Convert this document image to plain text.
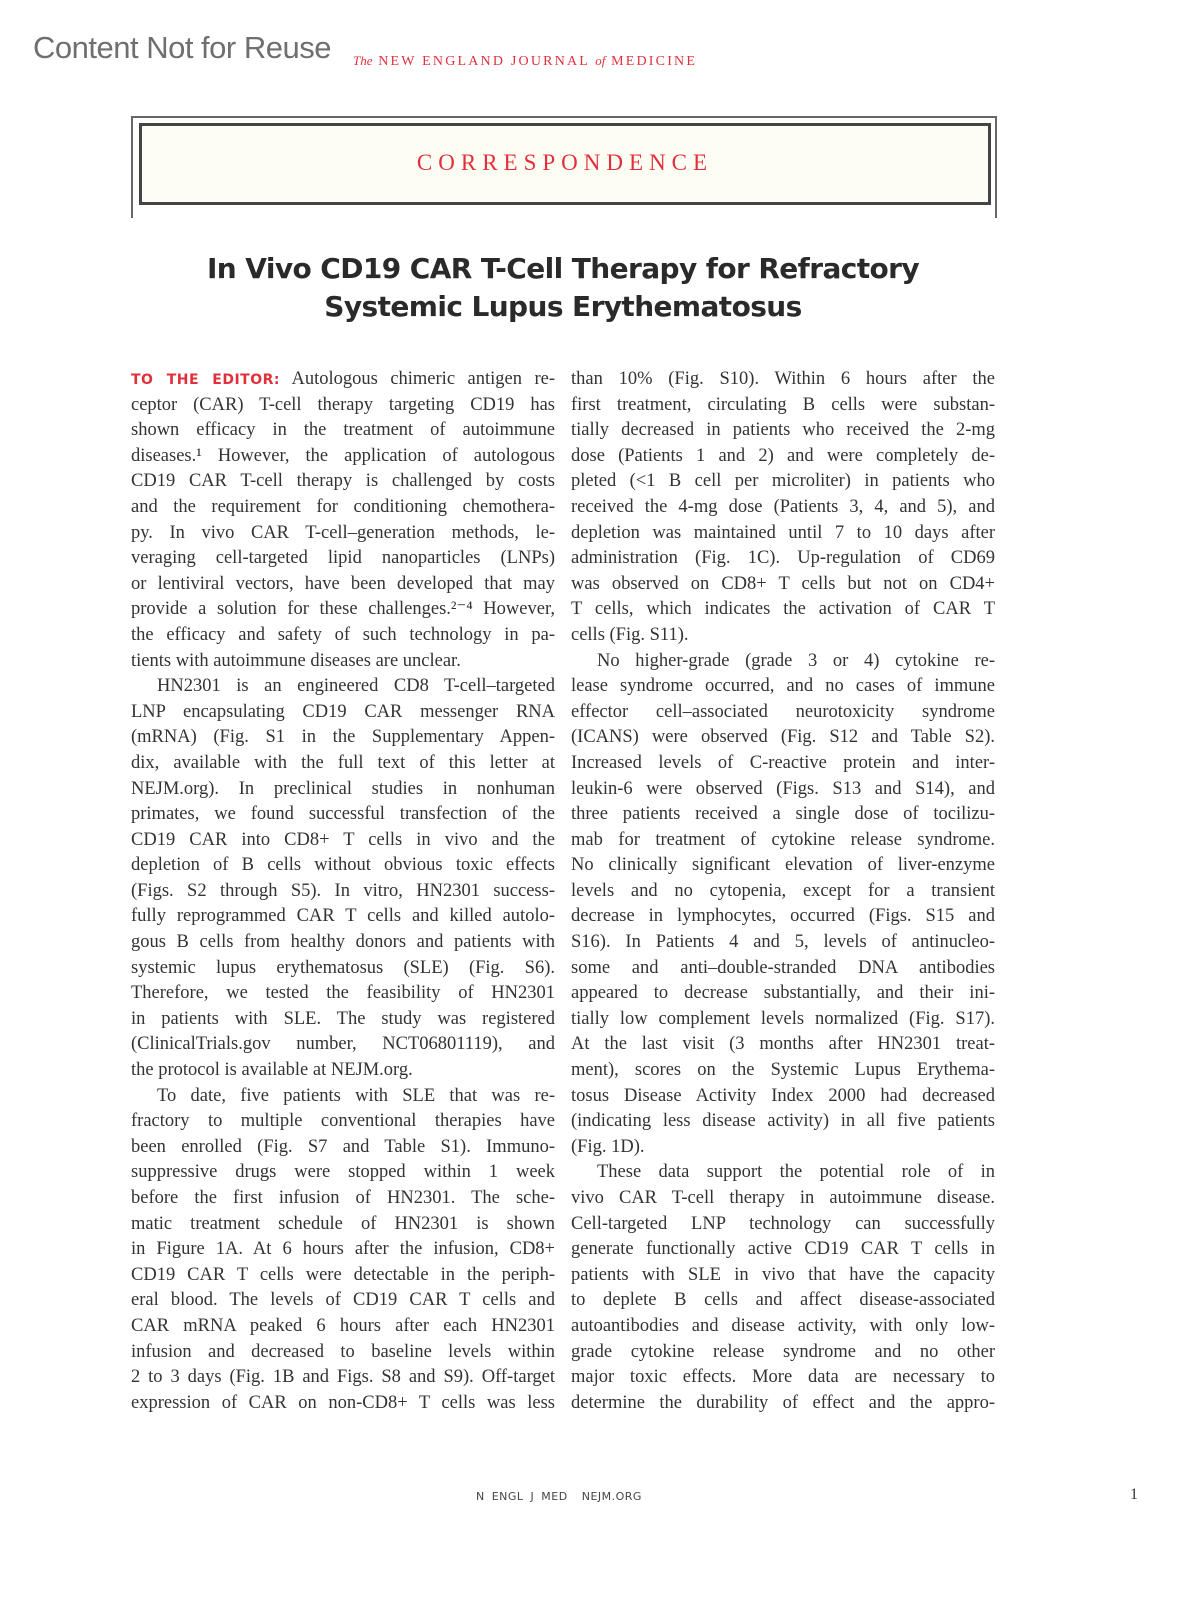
Content Not for Reuse The NEW ENGLAND JOURNAL of MEDICINE
CORRESPONDENCE
In Vivo CD19 CAR T-Cell Therapy for Refractory
Systemic Lupus Erythematosus
TO THE EDITOR: Autologous chimeric antigen re-
ceptor (CAR) T-cell therapy targeting CD19 has
shown efficacy in the treatment of autoimmune
diseases.¹ However, the application of autologous
CD19 CAR T-cell therapy is challenged by costs
and the requirement for conditioning chemothera-
py. In vivo CAR T-cell–generation methods, le-
veraging cell-targeted lipid nanoparticles (LNPs)
or lentiviral vectors, have been developed that may
provide a solution for these challenges.²⁻⁴ However,
the efficacy and safety of such technology in pa-
tients with autoimmune diseases are unclear.
HN2301 is an engineered CD8 T-cell–targeted
LNP encapsulating CD19 CAR messenger RNA
(mRNA) (Fig. S1 in the Supplementary Appen-
dix, available with the full text of this letter at
NEJM.org). In preclinical studies in nonhuman
primates, we found successful transfection of the
CD19 CAR into CD8+ T cells in vivo and the
depletion of B cells without obvious toxic effects
(Figs. S2 through S5). In vitro, HN2301 success-
fully reprogrammed CAR T cells and killed autolo-
gous B cells from healthy donors and patients with
systemic lupus erythematosus (SLE) (Fig. S6).
Therefore, we tested the feasibility of HN2301
in patients with SLE. The study was registered
(ClinicalTrials.gov number, NCT06801119), and
the protocol is available at NEJM.org.
To date, five patients with SLE that was re-
fractory to multiple conventional therapies have
been enrolled (Fig. S7 and Table S1). Immuno-
suppressive drugs were stopped within 1 week
before the first infusion of HN2301. The sche-
matic treatment schedule of HN2301 is shown
in Figure 1A. At 6 hours after the infusion, CD8+
CD19 CAR T cells were detectable in the periph-
eral blood. The levels of CD19 CAR T cells and
CAR mRNA peaked 6 hours after each HN2301
infusion and decreased to baseline levels within
2 to 3 days (Fig. 1B and Figs. S8 and S9). Off-target
expression of CAR on non-CD8+ T cells was less
than 10% (Fig. S10). Within 6 hours after the
first treatment, circulating B cells were substan-
tially decreased in patients who received the 2-mg
dose (Patients 1 and 2) and were completely de-
pleted (<1 B cell per microliter) in patients who
received the 4-mg dose (Patients 3, 4, and 5), and
depletion was maintained until 7 to 10 days after
administration (Fig. 1C). Up-regulation of CD69
was observed on CD8+ T cells but not on CD4+
T cells, which indicates the activation of CAR T
cells (Fig. S11).
No higher-grade (grade 3 or 4) cytokine re-
lease syndrome occurred, and no cases of immune
effector cell–associated neurotoxicity syndrome
(ICANS) were observed (Fig. S12 and Table S2).
Increased levels of C-reactive protein and inter-
leukin-6 were observed (Figs. S13 and S14), and
three patients received a single dose of tocilizu-
mab for treatment of cytokine release syndrome.
No clinically significant elevation of liver-enzyme
levels and no cytopenia, except for a transient
decrease in lymphocytes, occurred (Figs. S15 and
S16). In Patients 4 and 5, levels of antinucleo-
some and anti–double-stranded DNA antibodies
appeared to decrease substantially, and their ini-
tially low complement levels normalized (Fig. S17).
At the last visit (3 months after HN2301 treat-
ment), scores on the Systemic Lupus Erythema-
tosus Disease Activity Index 2000 had decreased
(indicating less disease activity) in all five patients
(Fig. 1D).
These data support the potential role of in
vivo CAR T-cell therapy in autoimmune disease.
Cell-targeted LNP technology can successfully
generate functionally active CD19 CAR T cells in
patients with SLE in vivo that have the capacity
to deplete B cells and affect disease-associated
autoantibodies and disease activity, with only low-
grade cytokine release syndrome and no other
major toxic effects. More data are necessary to
determine the durability of effect and the appro-
N ENGL J MED NEJM.ORG	1
